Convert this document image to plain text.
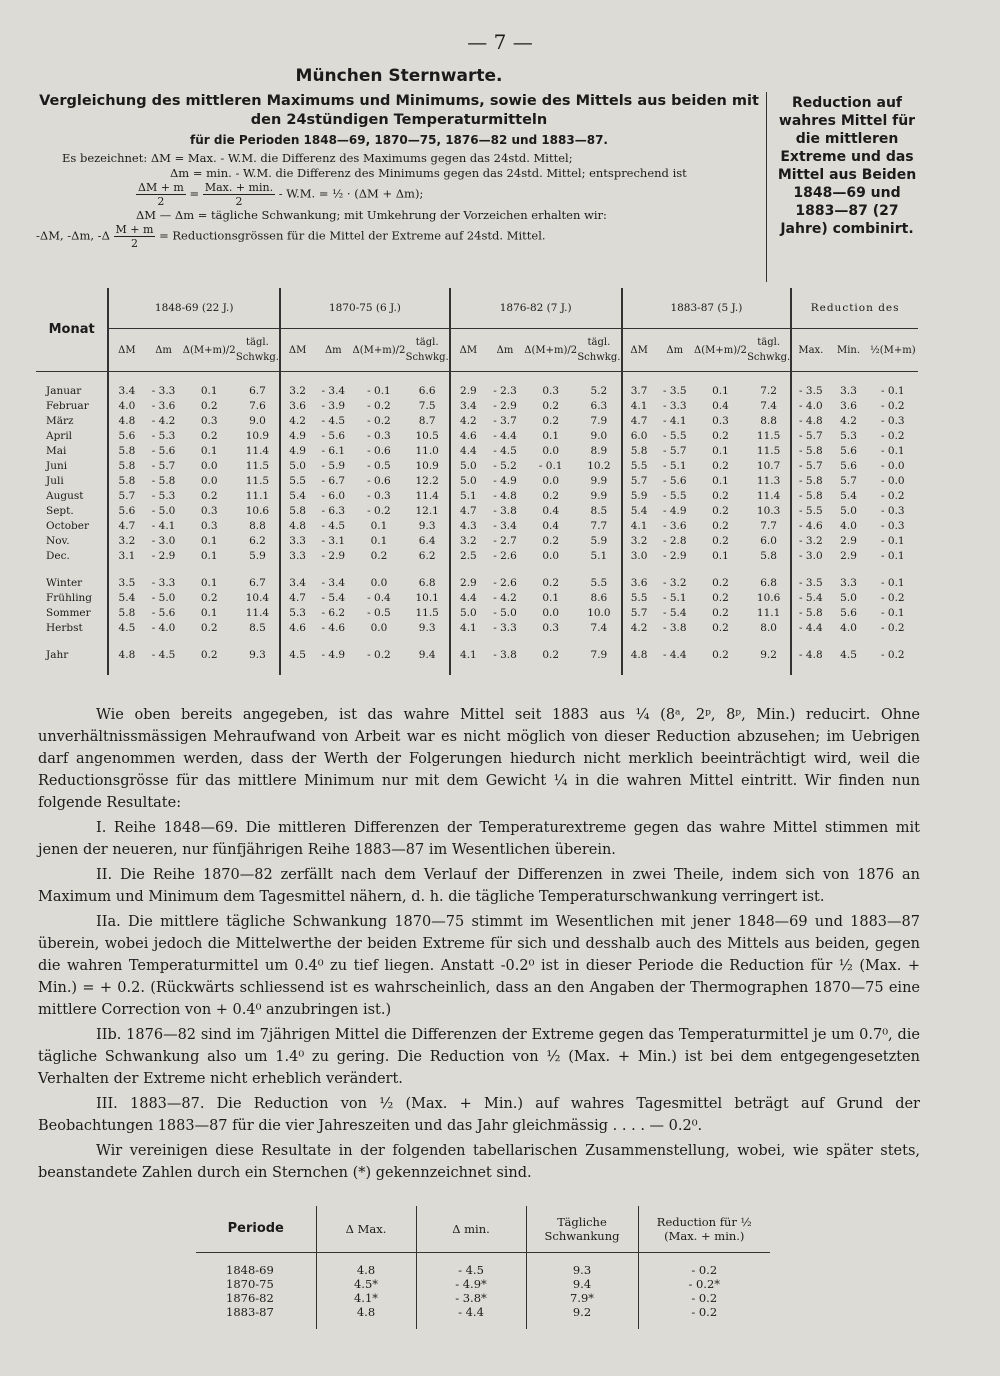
— 7 —
München Sternwarte.
Vergleichung des mittleren Maximums und Minimums, sowie des Mittels aus beiden mit den 24stündigen Temperaturmitteln
für die Perioden 1848—69, 1870—75, 1876—82 und 1883—87.
Es bezeichnet: ΔM = Max. - W.M. die Differenz des Maximums gegen das 24std. Mittel;
Δm = min. - W.M. die Differenz des Minimums gegen das 24std. Mittel; entsprechend ist
$\frac{\Delta M + m}{2} = \frac{\text{Max. + min.}}{2} - W.M$. = ½ · (ΔM + Δm);
ΔM — Δm = tägliche Schwankung; mit Umkehrung der Vorzeichen erhalten wir:
-ΔM, -Δm, $-\Delta \frac{M + m}{2}$ = Reductionsgrössen für die Mittel der Extreme auf 24std. Mittel.
Reduction auf wahres Mittel für die mittleren Extreme und das Mittel aus Beiden 1848—69 und 1883—87 (27 Jahre) combinirt.
Monat	1848-69 (22 J.)				1870-75 (6 J.)				1876-82 (7 J.)				1883-87 (5 J.)				Reduction des		
	ΔM	Δm	Δ(M+m)/2	tägl. Schwkg.	ΔM	Δm	Δ(M+m)/2	tägl. Schwkg.	ΔM	Δm	Δ(M+m)/2	tägl. Schwkg.	ΔM	Δm	Δ(M+m)/2	tägl. Schwkg.	Max.	Min.	½(M+m)

Januar	3.4	- 3.3	0.1	6.7	3.2	- 3.4	- 0.1	6.6	2.9	- 2.3	0.3	5.2	3.7	- 3.5	0.1	7.2	- 3.5	3.3	- 0.1
Februar	4.0	- 3.6	0.2	7.6	3.6	- 3.9	- 0.2	7.5	3.4	- 2.9	0.2	6.3	4.1	- 3.3	0.4	7.4	- 4.0	3.6	- 0.2
März	4.8	- 4.2	0.3	9.0	4.2	- 4.5	- 0.2	8.7	4.2	- 3.7	0.2	7.9	4.7	- 4.1	0.3	8.8	- 4.8	4.2	- 0.3
April	5.6	- 5.3	0.2	10.9	4.9	- 5.6	- 0.3	10.5	4.6	- 4.4	0.1	9.0	6.0	- 5.5	0.2	11.5	- 5.7	5.3	- 0.2
Mai	5.8	- 5.6	0.1	11.4	4.9	- 6.1	- 0.6	11.0	4.4	- 4.5	0.0	8.9	5.8	- 5.7	0.1	11.5	- 5.8	5.6	- 0.1
Juni	5.8	- 5.7	0.0	11.5	5.0	- 5.9	- 0.5	10.9	5.0	- 5.2	- 0.1	10.2	5.5	- 5.1	0.2	10.7	- 5.7	5.6	- 0.0
Juli	5.8	- 5.8	0.0	11.5	5.5	- 6.7	- 0.6	12.2	5.0	- 4.9	0.0	9.9	5.7	- 5.6	0.1	11.3	- 5.8	5.7	- 0.0
August	5.7	- 5.3	0.2	11.1	5.4	- 6.0	- 0.3	11.4	5.1	- 4.8	0.2	9.9	5.9	- 5.5	0.2	11.4	- 5.8	5.4	- 0.2
Sept.	5.6	- 5.0	0.3	10.6	5.8	- 6.3	- 0.2	12.1	4.7	- 3.8	0.4	8.5	5.4	- 4.9	0.2	10.3	- 5.5	5.0	- 0.3
October	4.7	- 4.1	0.3	8.8	4.8	- 4.5	0.1	9.3	4.3	- 3.4	0.4	7.7	4.1	- 3.6	0.2	7.7	- 4.6	4.0	- 0.3
Nov.	3.2	- 3.0	0.1	6.2	3.3	- 3.1	0.1	6.4	3.2	- 2.7	0.2	5.9	3.2	- 2.8	0.2	6.0	- 3.2	2.9	- 0.1
Dec.	3.1	- 2.9	0.1	5.9	3.3	- 2.9	0.2	6.2	2.5	- 2.6	0.0	5.1	3.0	- 2.9	0.1	5.8	- 3.0	2.9	- 0.1

Winter	3.5	- 3.3	0.1	6.7	3.4	- 3.4	0.0	6.8	2.9	- 2.6	0.2	5.5	3.6	- 3.2	0.2	6.8	- 3.5	3.3	- 0.1
Frühling	5.4	- 5.0	0.2	10.4	4.7	- 5.4	- 0.4	10.1	4.4	- 4.2	0.1	8.6	5.5	- 5.1	0.2	10.6	- 5.4	5.0	- 0.2
Sommer	5.8	- 5.6	0.1	11.4	5.3	- 6.2	- 0.5	11.5	5.0	- 5.0	0.0	10.0	5.7	- 5.4	0.2	11.1	- 5.8	5.6	- 0.1
Herbst	4.5	- 4.0	0.2	8.5	4.6	- 4.6	0.0	9.3	4.1	- 3.3	0.3	7.4	4.2	- 3.8	0.2	8.0	- 4.4	4.0	- 0.2

Jahr	4.8	- 4.5	0.2	9.3	4.5	- 4.9	- 0.2	9.4	4.1	- 3.8	0.2	7.9	4.8	- 4.4	0.2	9.2	- 4.8	4.5	- 0.2

Wie oben bereits angegeben, ist das wahre Mittel seit 1883 aus ¼ (8ᵃ, 2ᵖ, 8ᵖ, Min.) reducirt. Ohne unverhältnissmässigen Mehraufwand von Arbeit war es nicht möglich von dieser Reduction abzusehen; im Uebrigen darf angenommen werden, dass der Werth der Folgerungen hiedurch nicht merklich beeinträchtigt wird, weil die Reductionsgrösse für das mittlere Minimum nur mit dem Gewicht ¼ in die wahren Mittel eintritt. Wir finden nun folgende Resultate:

I. Reihe 1848—69. Die mittleren Differenzen der Temperaturextreme gegen das wahre Mittel stimmen mit jenen der neueren, nur fünfjährigen Reihe 1883—87 im Wesentlichen überein.

II. Die Reihe 1870—82 zerfällt nach dem Verlauf der Differenzen in zwei Theile, indem sich von 1876 an Maximum und Minimum dem Tagesmittel nähern, d. h. die tägliche Temperaturschwankung verringert ist.

IIa. Die mittlere tägliche Schwankung 1870—75 stimmt im Wesentlichen mit jener 1848—69 und 1883—87 überein, wobei jedoch die Mittelwerthe der beiden Extreme für sich und desshalb auch des Mittels aus beiden, gegen die wahren Temperaturmittel um 0.4⁰ zu tief liegen. Anstatt -0.2⁰ ist in dieser Periode die Reduction für ½ (Max. + Min.) = + 0.2. (Rückwärts schliessend ist es wahrscheinlich, dass an den Angaben der Thermographen 1870—75 eine mittlere Correction von + 0.4⁰ anzubringen ist.)

IIb. 1876—82 sind im 7jährigen Mittel die Differenzen der Extreme gegen das Temperaturmittel je um 0.7⁰, die tägliche Schwankung also um 1.4⁰ zu gering. Die Reduction von ½ (Max. + Min.) ist bei dem entgegengesetzten Verhalten der Extreme nicht erheblich verändert.

III. 1883—87. Die Reduction von ½ (Max. + Min.) auf wahres Tagesmittel beträgt auf Grund der Beobachtungen 1883—87 für die vier Jahreszeiten und das Jahr gleichmässig . . . . — 0.2⁰.

Wir vereinigen diese Resultate in der folgenden tabellarischen Zusammenstellung, wobei, wie später stets, beanstandete Zahlen durch ein Sternchen (*) gekennzeichnet sind.

Periode	Δ Max.	Δ min.	Tägliche Schwankung	Reduction für ½ (Max. + min.)

1848-69	4.8	- 4.5	9.3	- 0.2
1870-75	4.5*	- 4.9*	9.4	- 0.2*
1876-82	4.1*	- 3.8*	7.9*	- 0.2
1883-87	4.8	- 4.4	9.2	- 0.2
